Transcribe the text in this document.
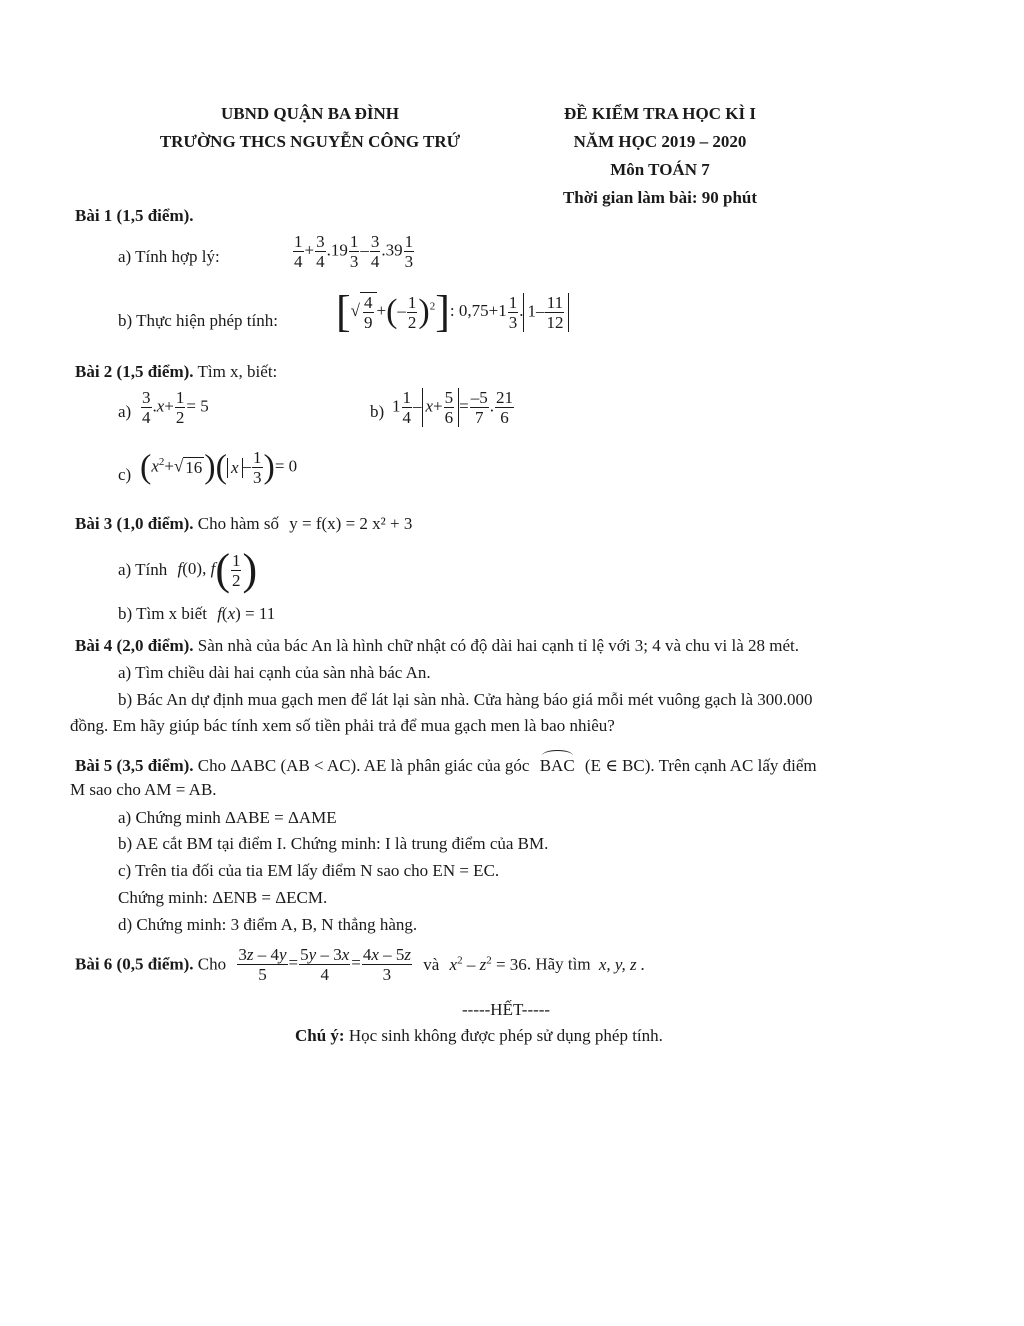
UBND QUẬN BA ĐÌNH
TRƯỜNG THCS NGUYỄN CÔNG TRỨ
ĐỀ KIỂM TRA HỌC KÌ I
NĂM HỌC 2019 – 2020
Môn TOÁN 7
Thời gian làm bài: 90 phút
Bài 1 (1,5 điểm).
a) Tính hợp lý:	$\frac{1}{4} + \frac{3}{4} .19 \frac{1}{3} - \frac{3}{4} .39 \frac{1}{3}$
b) Thực hiện phép tính: [√ $\frac{4}{9}$ +(– $\frac{1}{2} )^2$]: $0,75+1 \frac{1}{3}$ . $1- \frac{11}{12}$
Bài 2 (1,5 điểm). Tìm x, biết:
$a) \frac{3}{4} .x+ \frac{1}{2} = 5$	b) $1 \frac{1}{4} - x+ \frac{5}{6} = \frac{-5}{7}$ . $\frac{21}{6}$
c) ($x^2+√$ 16)( x – $\frac{1}{3}$ )= 0
Bài 3 (1,0 điểm). Cho hàm số y = f(x) = 2 x² + 3
a) Tính f(0), $f( \frac{1}{2}$ )
b) Tìm x biết f(x) = 11
Bài 4 (2,0 điểm). Sàn nhà của bác An là hình chữ nhật có độ dài hai cạnh tỉ lệ với 3; 4 và chu vi là 28 mét.
a) Tìm chiều dài hai cạnh của sàn nhà bác An.
b) Bác An dự định mua gạch men để lát lại sàn nhà. Cửa hàng báo giá mỗi mét vuông gạch là 300.000
đồng. Em hãy giúp bác tính xem số tiền phải trả để mua gạch men là bao nhiêu?
Bài 5 (3,5 điểm). Cho ΔABC (AB < AC). AE là phân giác của góc BAC (E ∈ BC). Trên cạnh AC lấy điểm
M sao cho AM = AB.
a) Chứng minh ΔABE = ΔAME
b) AE cắt BM tại điểm I. Chứng minh: I là trung điểm của BM.
c) Trên tia đối của tia EM lấy điểm N sao cho EN = EC.
Chứng minh: ΔENB = ΔECM.
d) Chứng minh: 3 điểm A, B, N thẳng hàng.
Bài 6 (0,5 điểm). Cho $\frac{3z - 4y}{5} = \frac{5y - 3x}{4} = \frac{4x - 5z}{3}$ và $x^2 - z^2 = 36$. Hãy tìm x, y, z .
-----HẾT-----
Chú ý: Học sinh không được phép sử dụng phép tính.
